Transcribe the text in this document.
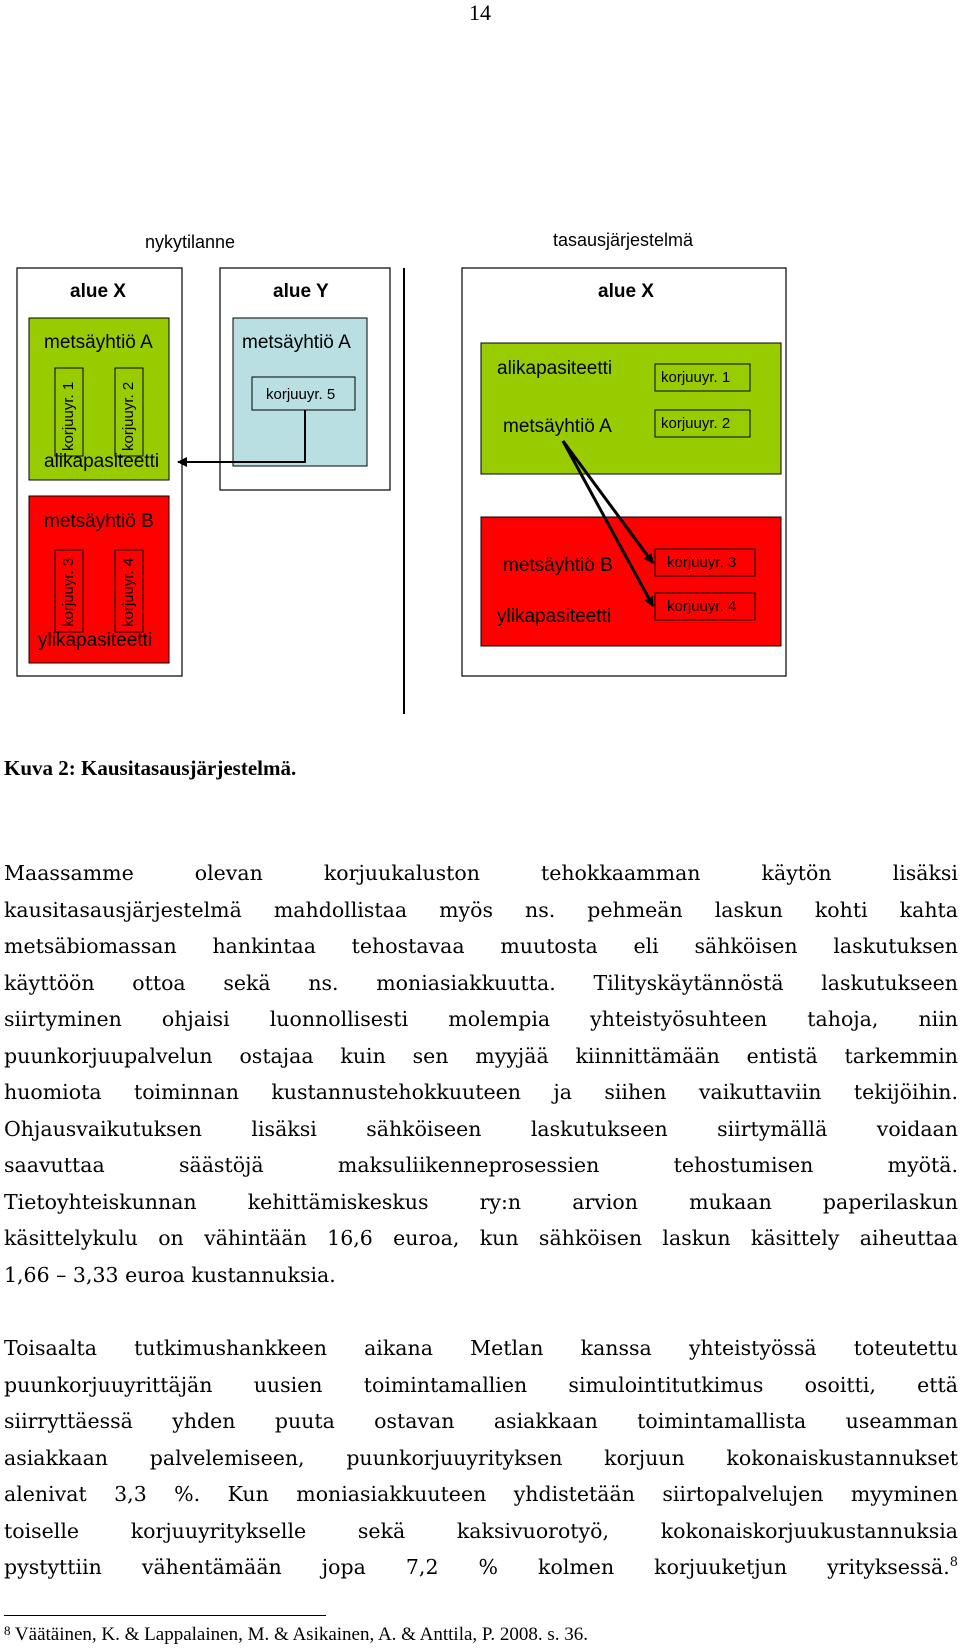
14
nykytilanne	tasausjärjestelmä
alue X	alue Y	alue X
metsäyhtiö A
alikapasiteetti
metsäyhtiö A
metsäyhtiö B
ylikapasiteetti
alikapasiteetti
metsäyhtiö A
metsäyhtiö B
ylikapasiteetti
korjuuyr. 1	korjuuyr. 2
korjuuyr. 3	korjuuyr. 4
korjuuyr. 5
korjuuyr. 1
korjuuyr. 2
korjuuyr. 3
korjuuyr. 4
Kuva 2: Kausitasausjärjestelmä.

Maassamme olevan korjuukaluston tehokkaamman käytön lisäksi
kausitasausjärjestelmä mahdollistaa myös ns. pehmeän laskun kohti kahta
metsäbiomassan hankintaa tehostavaa muutosta eli sähköisen laskutuksen
käyttöön ottoa sekä ns. moniasiakkuutta. Tilityskäytännöstä laskutukseen
siirtyminen ohjaisi luonnollisesti molempia yhteistyösuhteen tahoja, niin
puunkorjuupalvelun ostajaa kuin sen myyjää kiinnittämään entistä tarkemmin
huomiota toiminnan kustannustehokkuuteen ja siihen vaikuttaviin tekijöihin.
Ohjausvaikutuksen lisäksi sähköiseen laskutukseen siirtymällä voidaan
saavuttaa säästöjä maksuliikenneprosessien tehostumisen myötä.
Tietoyhteiskunnan kehittämiskeskus ry:n arvion mukaan paperilaskun
käsittelykulu on vähintään 16,6 euroa, kun sähköisen laskun käsittely aiheuttaa
1,66 – 3,33 euroa kustannuksia.

Toisaalta tutkimushankkeen aikana Metlan kanssa yhteistyössä toteutettu
puunkorjuuyrittäjän uusien toimintamallien simulointitutkimus osoitti, että
siirryttäessä yhden puuta ostavan asiakkaan toimintamallista useamman
asiakkaan palvelemiseen, puunkorjuuyrityksen korjuun kokonaiskustannukset
alenivat 3,3 %. Kun moniasiakkuuteen yhdistetään siirtopalvelujen myyminen
toiselle korjuuyritykselle sekä kaksivuorotyö, kokonaiskorjuukustannuksia
pystyttiin vähentämään jopa 7,2 % kolmen korjuuketjun yrityksessä.$^8$

$^8$ Väätäinen, K. & Lappalainen, M. & Asikainen, A. & Anttila, P. 2008. s. 36.
